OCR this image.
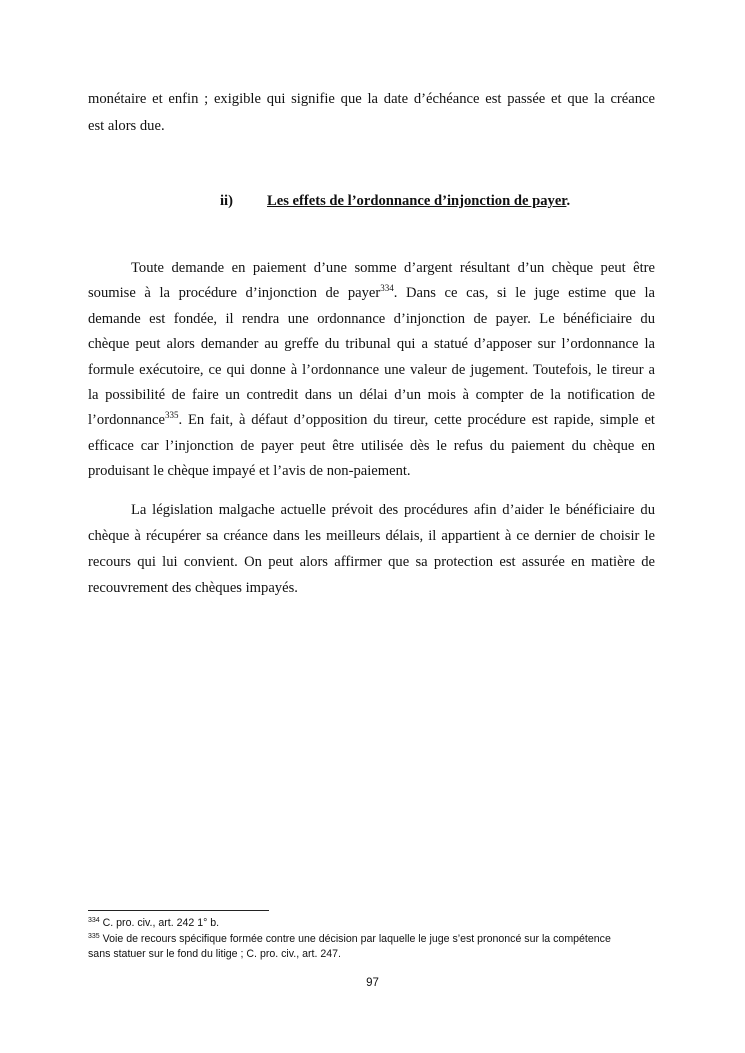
monétaire et enfin ; exigible qui signifie que la date d’échéance est passée et que la créance
est alors due.
ii) Les effets de l’ordonnance d’injonction de payer.
Toute demande en paiement d’une somme d’argent résultant d’un chèque peut être
soumise à la procédure d’injonction de payer$^{334}$. Dans ce cas, si le juge estime que la
demande est fondée, il rendra une ordonnance d’injonction de payer. Le bénéficiaire du
chèque peut alors demander au greffe du tribunal qui a statué d’apposer sur l’ordonnance la
formule exécutoire, ce qui donne à l’ordonnance une valeur de jugement. Toutefois, le tireur a
la possibilité de faire un contredit dans un délai d’un mois à compter de la notification de
l’ordonnance$^{335}$. En fait, à défaut d’opposition du tireur, cette procédure est rapide, simple et
efficace car l’injonction de payer peut être utilisée dès le refus du paiement du chèque en
produisant le chèque impayé et l’avis de non-paiement.
La législation malgache actuelle prévoit des procédures afin d’aider le bénéficiaire du
chèque à récupérer sa créance dans les meilleurs délais, il appartient à ce dernier de choisir le
recours qui lui convient. On peut alors affirmer que sa protection est assurée en matière de
recouvrement des chèques impayés.
$^{334}$ C. pro. civ., art. 242 1° b.
$^{335}$ Voie de recours spécifique formée contre une décision par laquelle le juge s’est prononcé sur la compétence
sans statuer sur le fond du litige ; C. pro. civ., art. 247.
97
